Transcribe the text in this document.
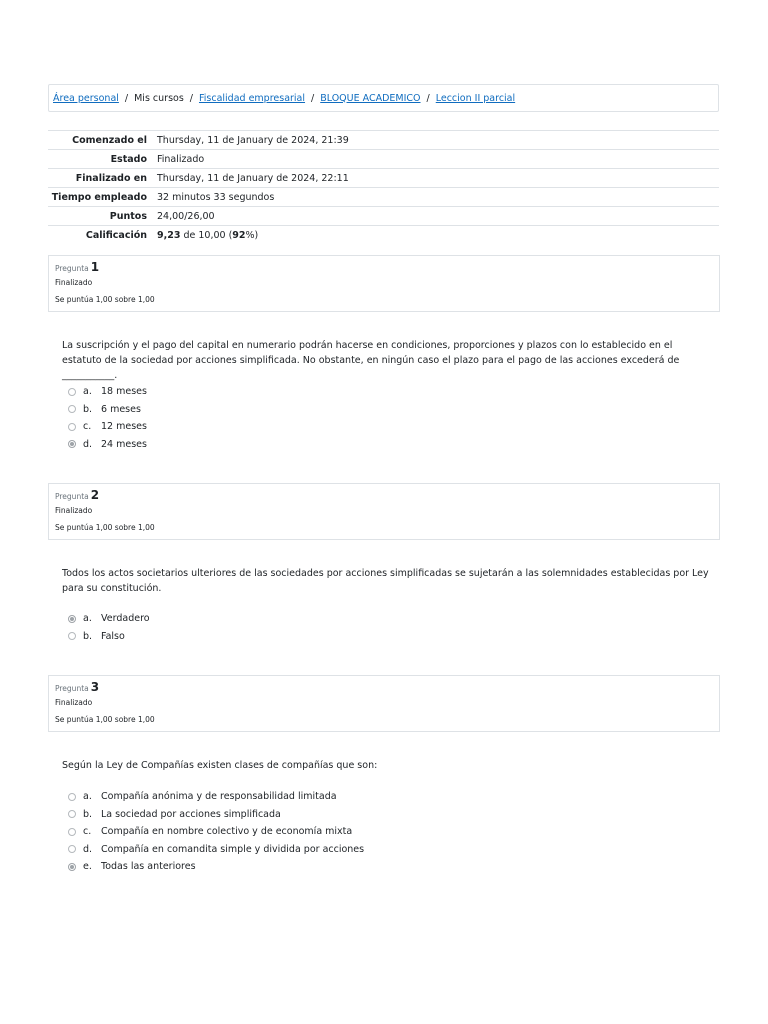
Área personal / Mis cursos / Fiscalidad empresarial / BLOQUE ACADEMICO / Leccion II parcial
Comenzado el	Thursday, 11 de January de 2024, 21:39
Estado	Finalizado
Finalizado en	Thursday, 11 de January de 2024, 22:11
Tiempo empleado	32 minutos 33 segundos
Puntos	24,00/26,00
Calificación	9,23 de 10,00 (92%)
Pregunta 1
Finalizado
Se puntúa 1,00 sobre 1,00
La suscripción y el pago del capital en numerario podrán hacerse en condiciones, proporciones y plazos con lo establecido en el estatuto de la sociedad por acciones simplificada. No obstante, en ningún caso el plazo para el pago de las acciones excederá de ___________.
a. 18 meses
b. 6 meses
c.	12 meses
d. 24 meses
Pregunta 2
Finalizado
Se puntúa 1,00 sobre 1,00
Todos los actos societarios ulteriores de las sociedades por acciones simplificadas se sujetarán a las solemnidades establecidas por Ley para su constitución.
a. Verdadero
b. Falso
Pregunta 3
Finalizado
Se puntúa 1,00 sobre 1,00
Según la Ley de Compañías existen clases de compañías que son:
a. Compañía anónima y de responsabilidad limitada
b. La sociedad por acciones simplificada
c.	Compañía en nombre colectivo y de economía mixta
d. Compañía en comandita simple y dividida por acciones
e. Todas las anteriores
